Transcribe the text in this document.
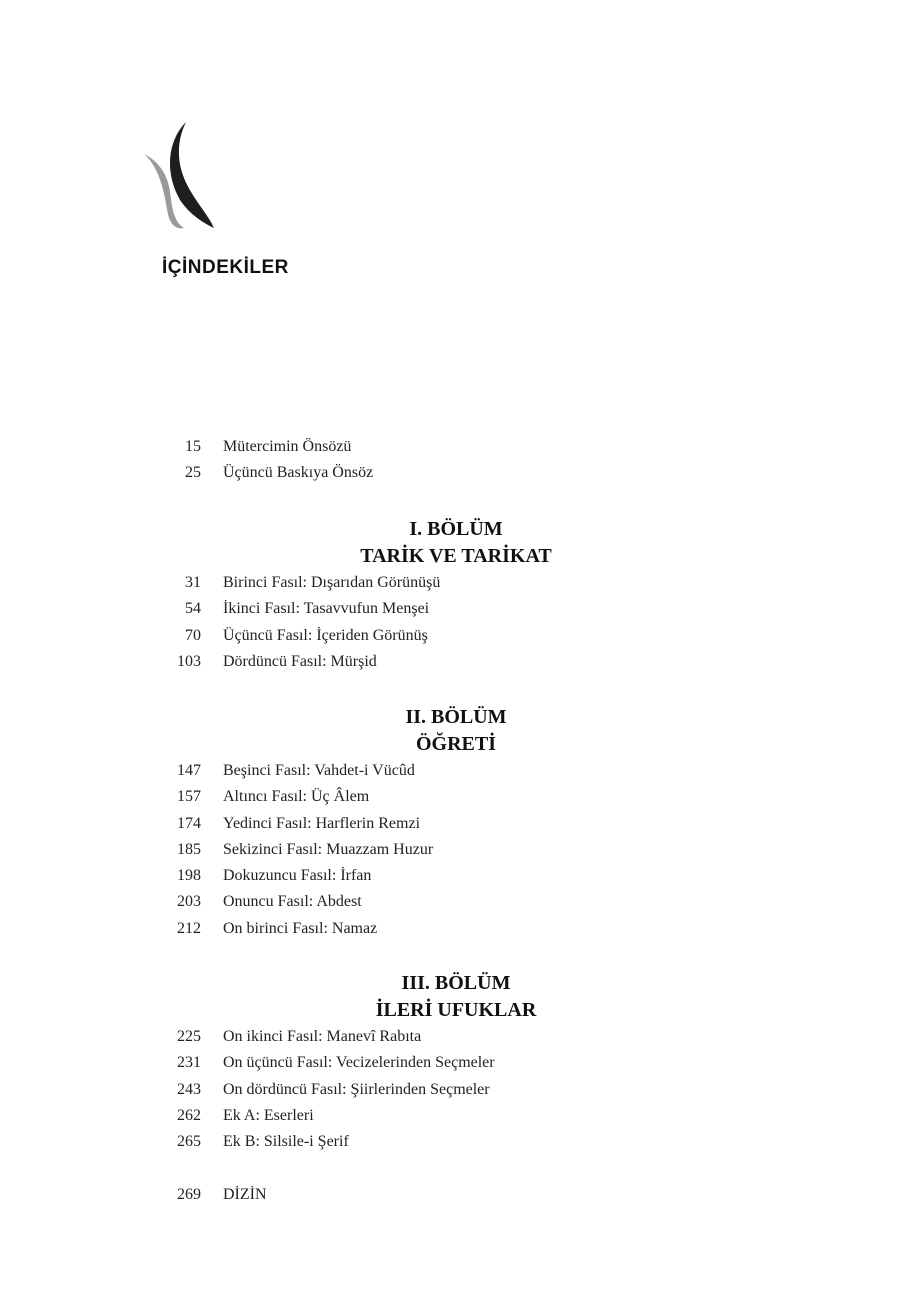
İÇİNDEKİLER
15 Mütercimin Önsözü
25 Üçüncü Baskıya Önsöz
I. BÖLÜM
TARİK VE TARİKAT
31 Birinci Fasıl: Dışarıdan Görünüşü
54 İkinci Fasıl: Tasavvufun Menşei
70 Üçüncü Fasıl: İçeriden Görünüş
103 Dördüncü Fasıl: Mürşid
II. BÖLÜM
ÖĞRETİ
147 Beşinci Fasıl: Vahdet-i Vücûd
157 Altıncı Fasıl: Üç Âlem
174 Yedinci Fasıl: Harflerin Remzi
185 Sekizinci Fasıl: Muazzam Huzur
198 Dokuzuncu Fasıl: İrfan
203 Onuncu Fasıl: Abdest
212 On birinci Fasıl: Namaz
III. BÖLÜM
İLERİ UFUKLAR
225 On ikinci Fasıl: Manevî Rabıta
231 On üçüncü Fasıl: Vecizelerinden Seçmeler
243 On dördüncü Fasıl: Şiirlerinden Seçmeler
262 Ek A: Eserleri
265 Ek B: Silsile-i Şerif
269 DİZİN
